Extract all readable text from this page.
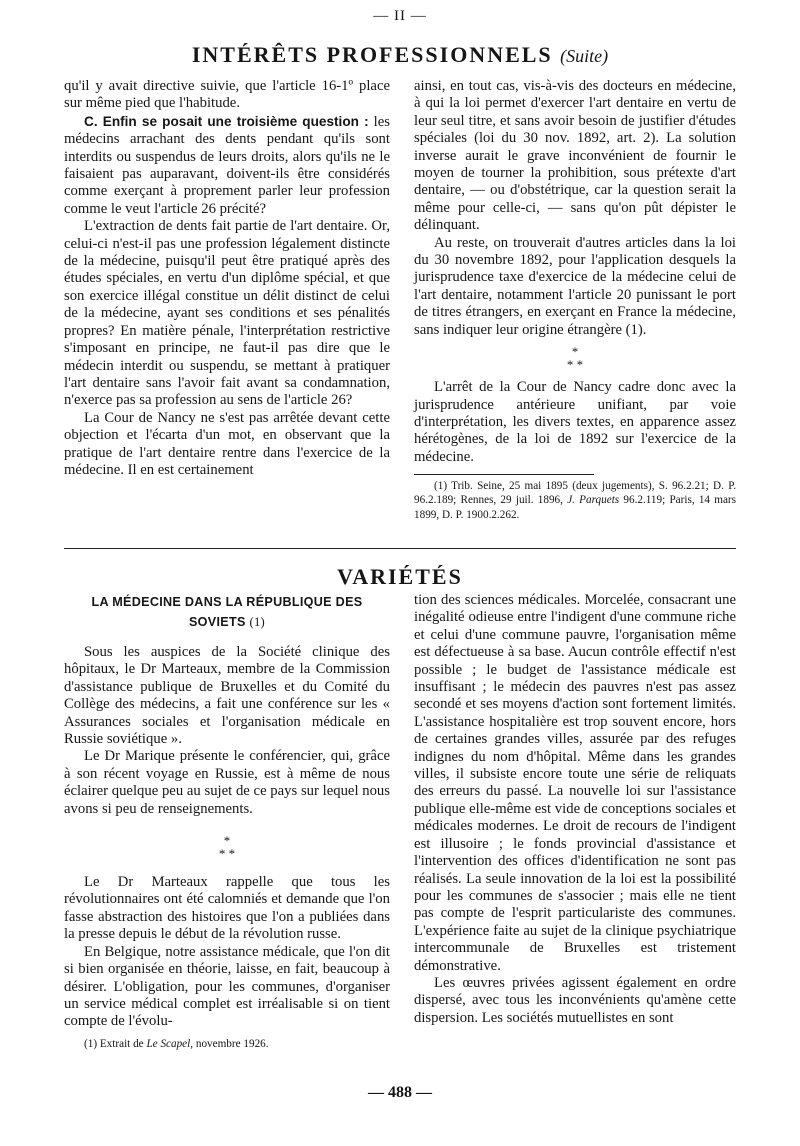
— II —
INTÉRÊTS PROFESSIONNELS (Suite)

qu'il y avait directive suivie, que l'article 16-1º place sur même pied que l'habitude.

C. Enfin se posait une troisième question : les médecins arrachant des dents pendant qu'ils sont interdits ou suspendus de leurs droits, alors qu'ils ne le faisaient pas auparavant, doivent-ils être considérés comme exerçant à proprement parler leur profession comme le veut l'article 26 précité?

L'extraction de dents fait partie de l'art dentaire. Or, celui-ci n'est-il pas une profession légalement distincte de la médecine, puisqu'il peut être pratiqué après des études spéciales, en vertu d'un diplôme spécial, et que son exercice illégal constitue un délit distinct de celui de la médecine, ayant ses conditions et ses pénalités propres? En matière pénale, l'interprétation restrictive s'imposant en principe, ne faut-il pas dire que le médecin interdit ou suspendu, se mettant à pratiquer l'art dentaire sans l'avoir fait avant sa condamnation, n'exerce pas sa profession au sens de l'article 26?

La Cour de Nancy ne s'est pas arrêtée devant cette objection et l'écarta d'un mot, en observant que la pratique de l'art dentaire rentre dans l'exercice de la médecine. Il en est certainement

ainsi, en tout cas, vis-à-vis des docteurs en médecine, à qui la loi permet d'exercer l'art dentaire en vertu de leur seul titre, et sans avoir besoin de justifier d'études spéciales (loi du 30 nov. 1892, art. 2). La solution inverse aurait le grave inconvénient de fournir le moyen de tourner la prohibition, sous prétexte d'art dentaire, — ou d'obstétrique, car la question serait la même pour celle-ci, — sans qu'on pût dépister le délinquant.

Au reste, on trouverait d'autres articles dans la loi du 30 novembre 1892, pour l'application desquels la jurisprudence taxe d'exercice de la médecine celui de l'art dentaire, notamment l'article 20 punissant le port de titres étrangers, en exerçant en France la médecine, sans indiquer leur origine étrangère (1).

*
* *

L'arrêt de la Cour de Nancy cadre donc avec la jurisprudence antérieure unifiant, par voie d'interprétation, les divers textes, en apparence assez hérétogènes, de la loi de 1892 sur l'exercice de la médecine.

(1) Trib. Seine, 25 mai 1895 (deux jugements), S. 96.2.21; D. P. 96.2.189; Rennes, 29 juil. 1896, J. Parquets 96.2.119; Paris, 14 mars 1899, D. P. 1900.2.262.

VARIÉTÉS
LA MÉDECINE DANS LA RÉPUBLIQUE DES
SOVIETS (1)

Sous les auspices de la Société clinique des hôpitaux, le Dr Marteaux, membre de la Commission d'assistance publique de Bruxelles et du Comité du Collège des médecins, a fait une conférence sur les « Assurances sociales et l'organisation médicale en Russie soviétique ».

Le Dr Marique présente le conférencier, qui, grâce à son récent voyage en Russie, est à même de nous éclairer quelque peu au sujet de ce pays sur lequel nous avons si peu de renseignements.

*
* *

Le Dr Marteaux rappelle que tous les révolutionnaires ont été calomniés et demande que l'on fasse abstraction des histoires que l'on a publiées dans la presse depuis le début de la révolution russe.

En Belgique, notre assistance médicale, que l'on dit si bien organisée en théorie, laisse, en fait, beaucoup à désirer. L'obligation, pour les communes, d'organiser un service médical complet est irréalisable si on tient compte de l'évolu-

(1) Extrait de Le Scapel, novembre 1926.

tion des sciences médicales. Morcelée, consacrant une inégalité odieuse entre l'indigent d'une commune riche et celui d'une commune pauvre, l'organisation même est défectueuse à sa base. Aucun contrôle effectif n'est possible ; le budget de l'assistance médicale est insuffisant ; le médecin des pauvres n'est pas assez secondé et ses moyens d'action sont fortement limités. L'assistance hospitalière est trop souvent encore, hors de certaines grandes villes, assurée par des refuges indignes du nom d'hôpital. Même dans les grandes villes, il subsiste encore toute une série de reliquats des erreurs du passé. La nouvelle loi sur l'assistance publique elle-même est vide de conceptions sociales et médicales modernes. Le droit de recours de l'indigent est illusoire ; le fonds provincial d'assistance et l'intervention des offices d'identification ne sont pas réalisés. La seule innovation de la loi est la possibilité pour les communes de s'associer ; mais elle ne tient pas compte de l'esprit particulariste des communes. L'expérience faite au sujet de la clinique psychiatrique intercommunale de Bruxelles est tristement démonstrative.

Les œuvres privées agissent également en ordre dispersé, avec tous les inconvénients qu'amène cette dispersion. Les sociétés mutuellistes en sont

— 488 —
